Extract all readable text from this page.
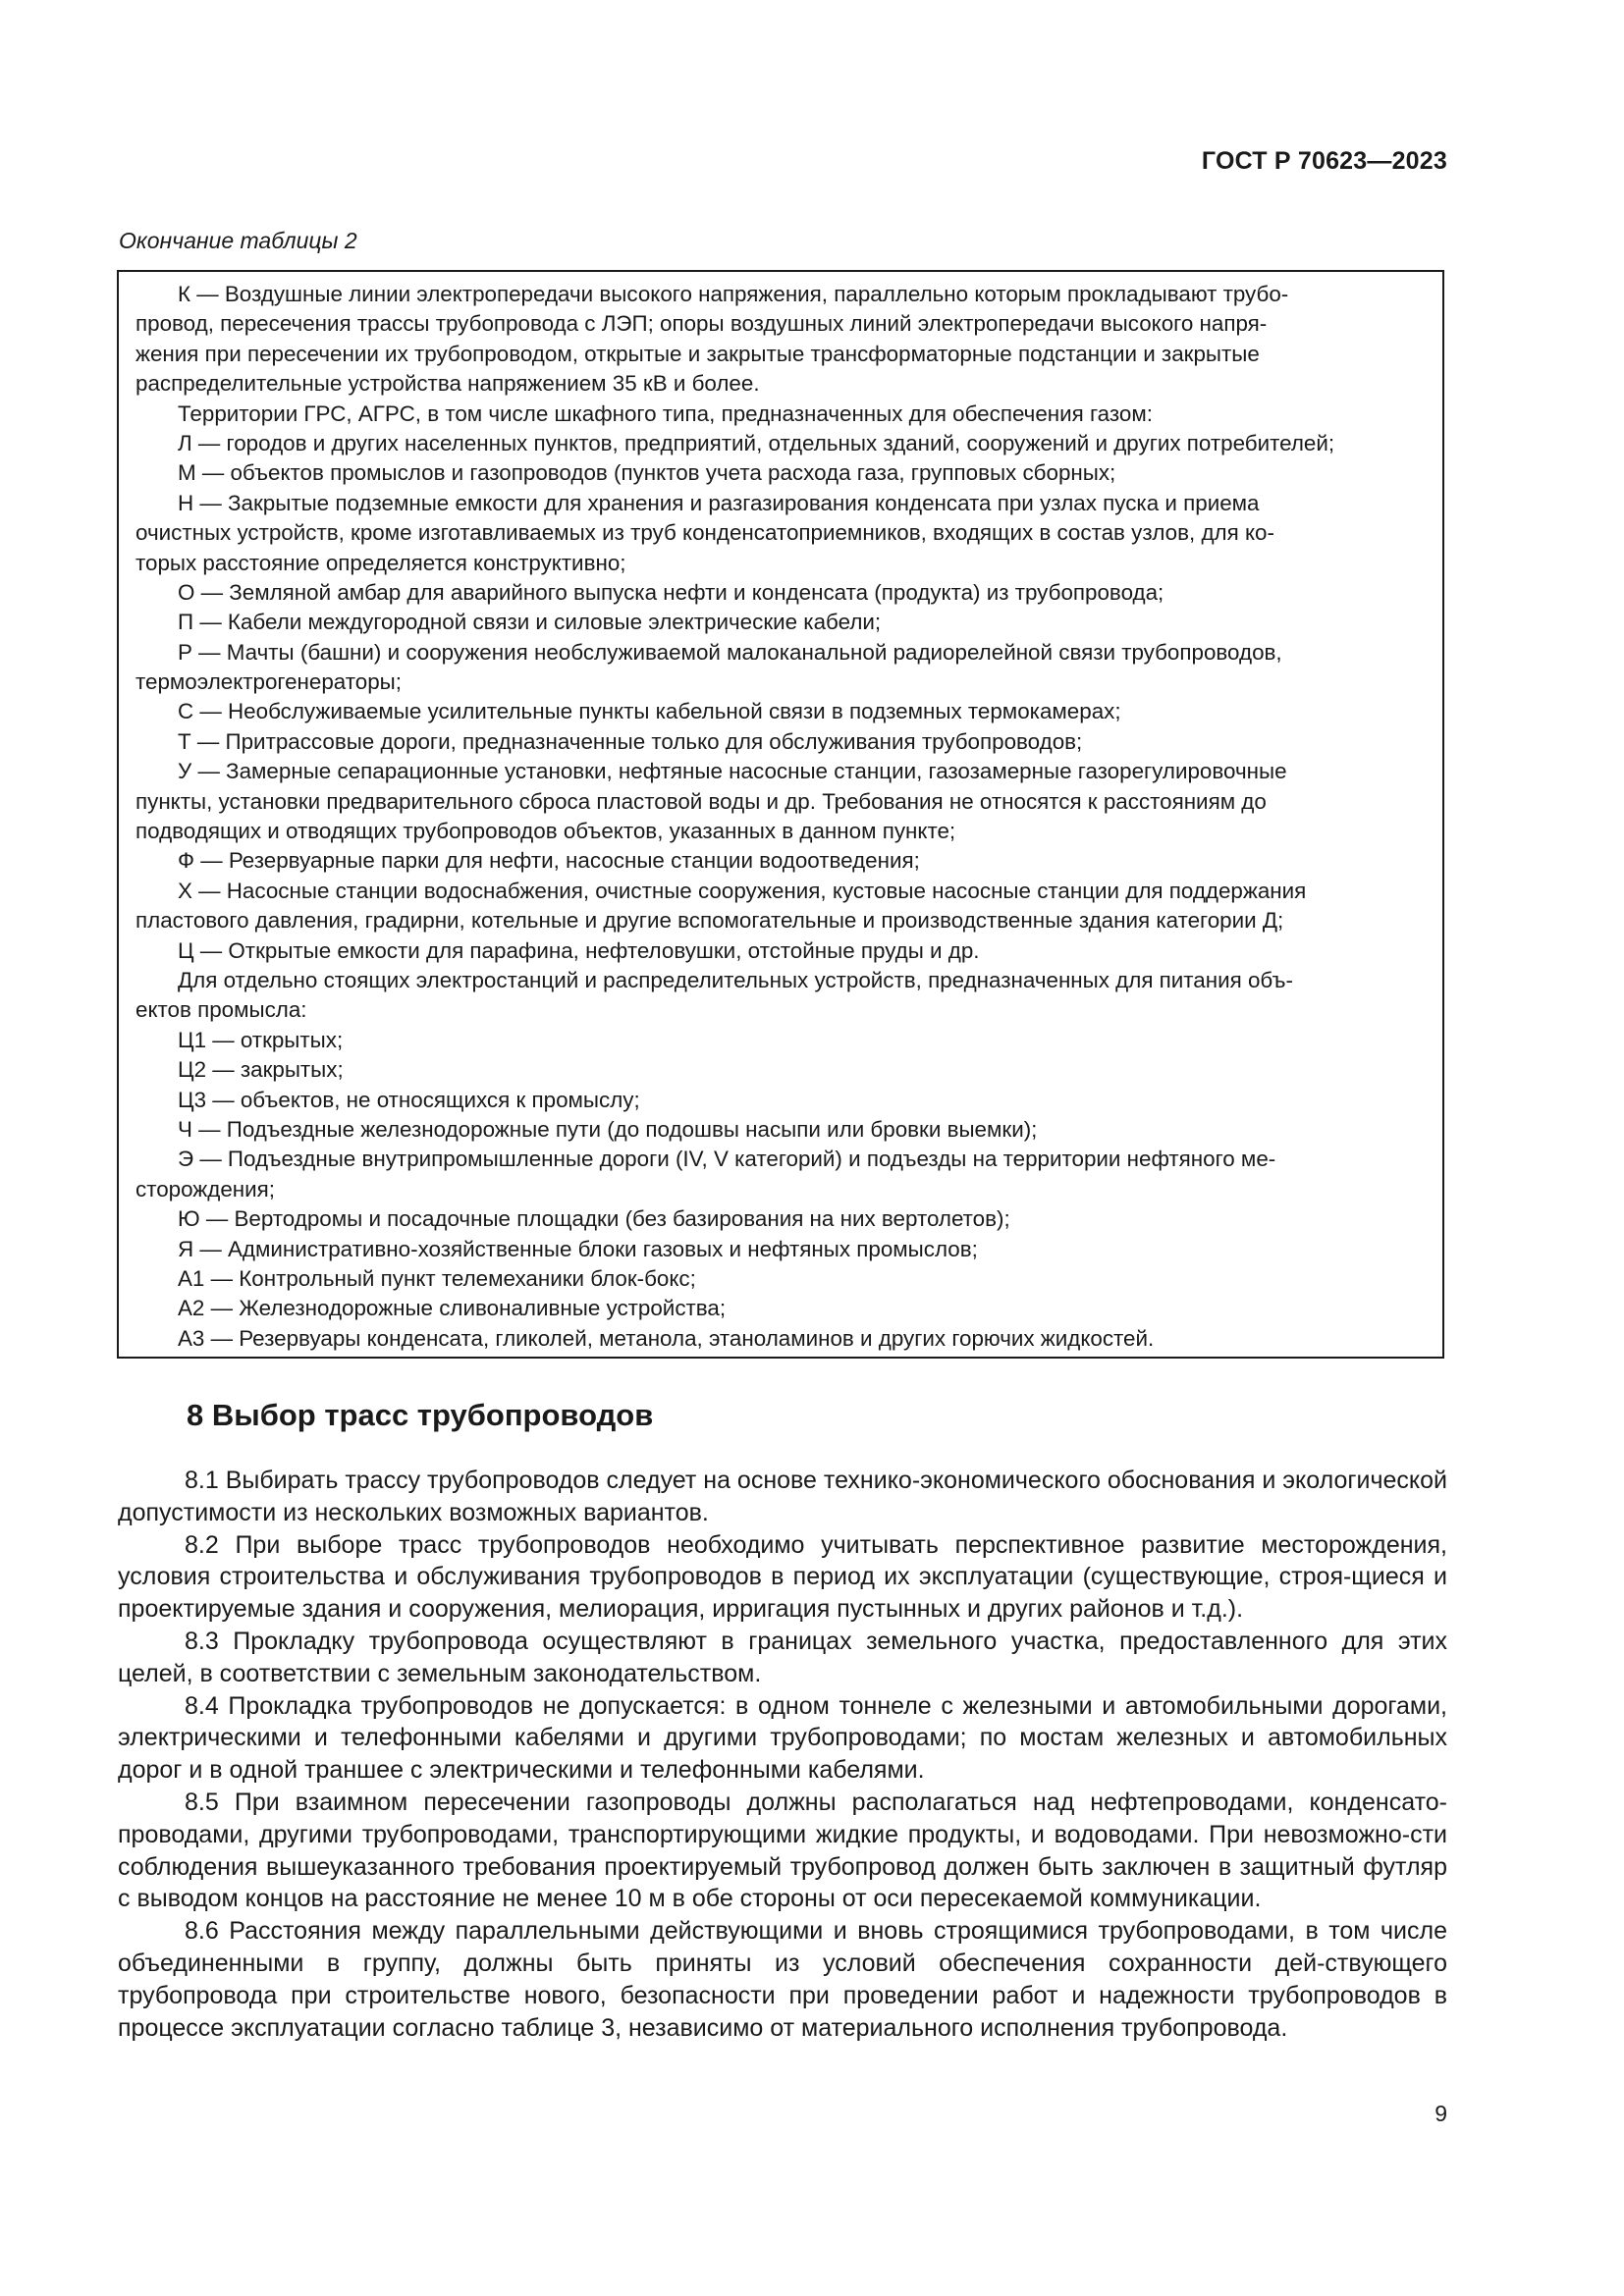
ГОСТ Р 70623—2023
Окончание таблицы 2
К — Воздушные линии электропередачи высокого напряжения, параллельно которым прокладывают трубо-
провод, пересечения трассы трубопровода с ЛЭП; опоры воздушных линий электропередачи высокого напря-
жения при пересечении их трубопроводом, открытые и закрытые трансформаторные подстанции и закрытые
распределительные устройства напряжением 35 кВ и более.
Территории ГРС, АГРС, в том числе шкафного типа, предназначенных для обеспечения газом:
Л — городов и других населенных пунктов, предприятий, отдельных зданий, сооружений и других потребителей;
М — объектов промыслов и газопроводов (пунктов учета расхода газа, групповых сборных;
Н — Закрытые подземные емкости для хранения и разгазирования конденсата при узлах пуска и приема
очистных устройств, кроме изготавливаемых из труб конденсатоприемников, входящих в состав узлов, для ко-
торых расстояние определяется конструктивно;
О — Земляной амбар для аварийного выпуска нефти и конденсата (продукта) из трубопровода;
П — Кабели междугородной связи и силовые электрические кабели;
Р — Мачты (башни) и сооружения необслуживаемой малоканальной радиорелейной связи трубопроводов,
термоэлектрогенераторы;
С — Необслуживаемые усилительные пункты кабельной связи в подземных термокамерах;
Т — Притрассовые дороги, предназначенные только для обслуживания трубопроводов;
У — Замерные сепарационные установки, нефтяные насосные станции, газозамерные газорегулировочные
пункты, установки предварительного сброса пластовой воды и др. Требования не относятся к расстояниям до
подводящих и отводящих трубопроводов объектов, указанных в данном пункте;
Ф — Резервуарные парки для нефти, насосные станции водоотведения;
Х — Насосные станции водоснабжения, очистные сооружения, кустовые насосные станции для поддержания
пластового давления, градирни, котельные и другие вспомогательные и производственные здания категории Д;
Ц — Открытые емкости для парафина, нефтеловушки, отстойные пруды и др.
Для отдельно стоящих электростанций и распределительных устройств, предназначенных для питания объ-
ектов промысла:
Ц1 — открытых;
Ц2 — закрытых;
Ц3 — объектов, не относящихся к промыслу;
Ч — Подъездные железнодорожные пути (до подошвы насыпи или бровки выемки);
Э — Подъездные внутрипромышленные дороги (IV, V категорий) и подъезды на территории нефтяного ме-
сторождения;
Ю — Вертодромы и посадочные площадки (без базирования на них вертолетов);
Я — Административно-хозяйственные блоки газовых и нефтяных промыслов;
А1 — Контрольный пункт телемеханики блок-бокс;
А2 — Железнодорожные сливоналивные устройства;
А3 — Резервуары конденсата, гликолей, метанола, этаноламинов и других горючих жидкостей.
8 Выбор трасс трубопроводов

8.1 Выбирать трассу трубопроводов следует на основе технико-экономического обоснования и экологической допустимости из нескольких возможных вариантов.

8.2 При выборе трасс трубопроводов необходимо учитывать перспективное развитие месторождения, условия строительства и обслуживания трубопроводов в период их эксплуатации (существующие, строя-щиеся и проектируемые здания и сооружения, мелиорация, ирригация пустынных и других районов и т.д.).

8.3 Прокладку трубопровода осуществляют в границах земельного участка, предоставленного для этих целей, в соответствии с земельным законодательством.

8.4 Прокладка трубопроводов не допускается: в одном тоннеле с железными и автомобильными дорогами, электрическими и телефонными кабелями и другими трубопроводами; по мостам железных и автомобильных дорог и в одной траншее с электрическими и телефонными кабелями.

8.5 При взаимном пересечении газопроводы должны располагаться над нефтепроводами, конденсато-проводами, другими трубопроводами, транспортирующими жидкие продукты, и водоводами. При невозможно-сти соблюдения вышеуказанного требования проектируемый трубопровод должен быть заключен в защитный футляр с выводом концов на расстояние не менее 10 м в обе стороны от оси пересекаемой коммуникации.

8.6 Расстояния между параллельными действующими и вновь строящимися трубопроводами, в том числе объединенными в группу, должны быть приняты из условий обеспечения сохранности дей-ствующего трубопровода при строительстве нового, безопасности при проведении работ и надежности трубопроводов в процессе эксплуатации согласно таблице 3, независимо от материального исполнения трубопровода.

9
